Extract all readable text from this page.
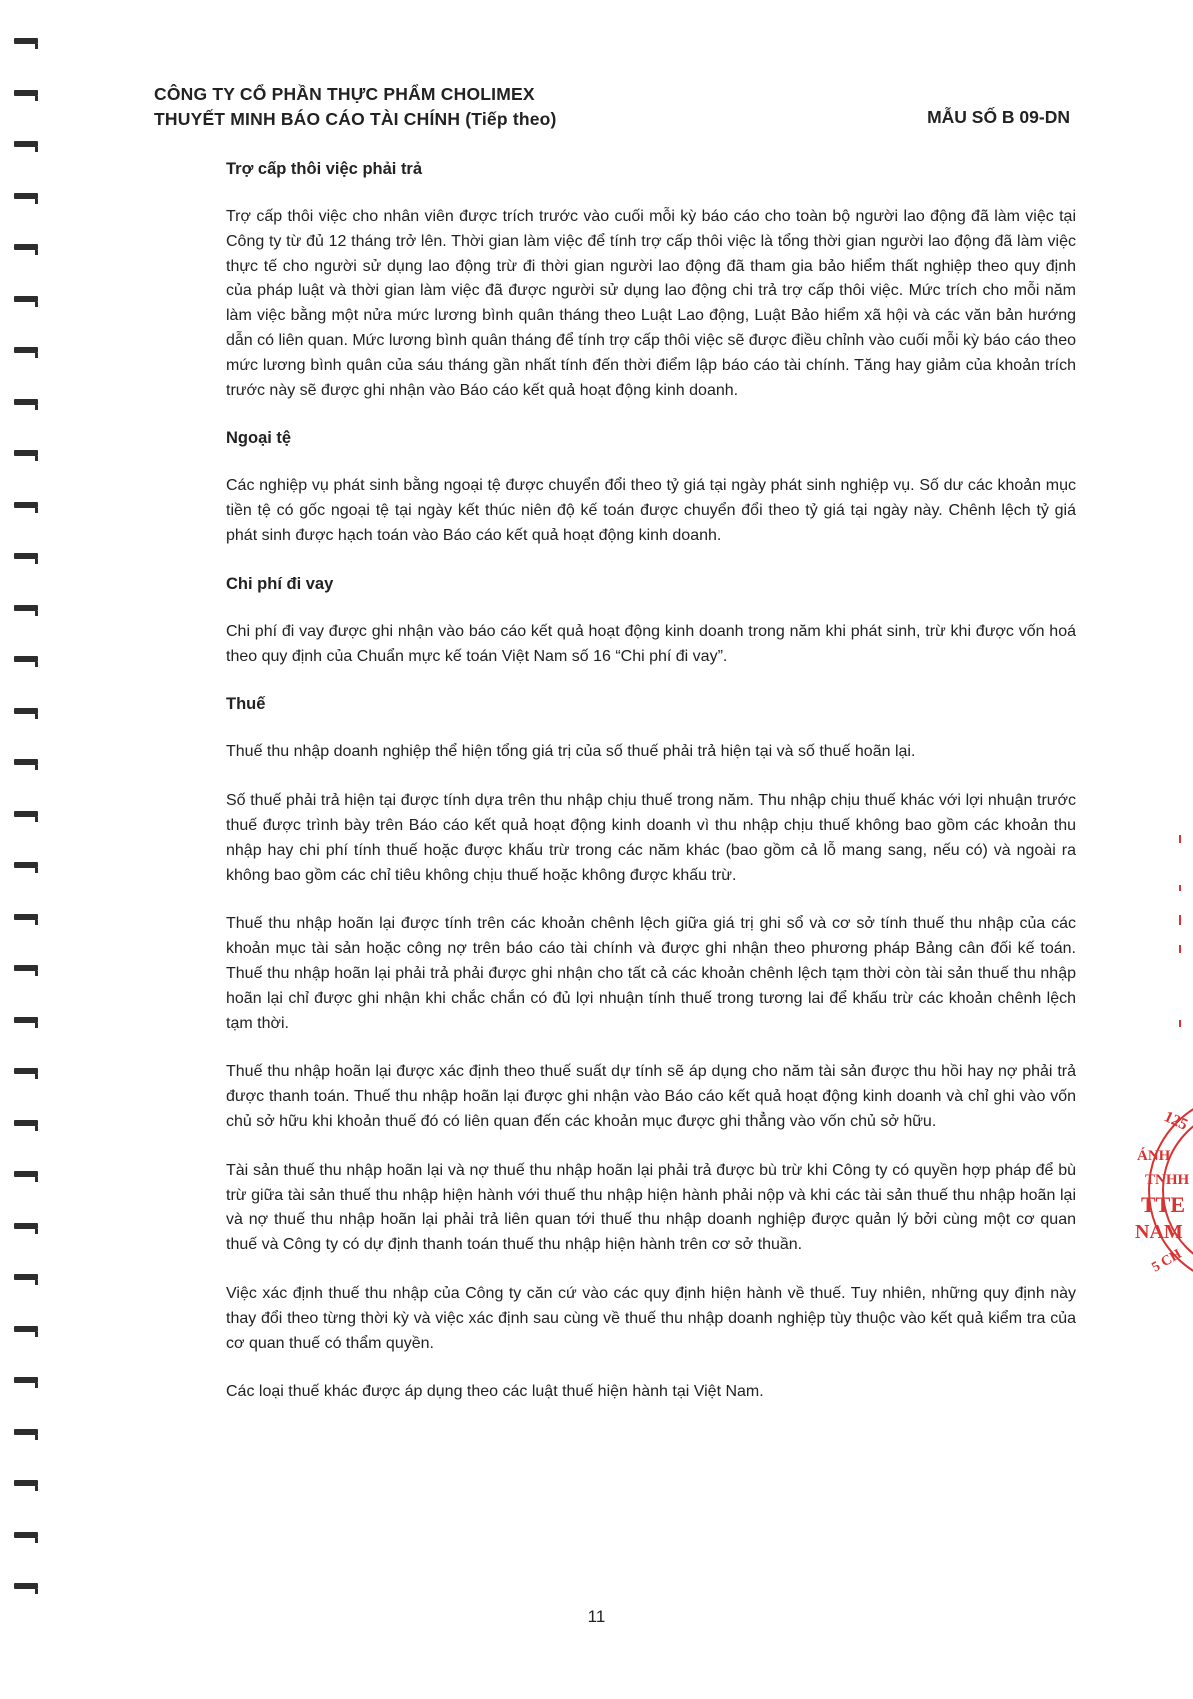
CÔNG TY CỔ PHẦN THỰC PHẨM CHOLIMEX
THUYẾT MINH BÁO CÁO TÀI CHÍNH (Tiếp theo)	MẪU SỐ B 09-DN
Trợ cấp thôi việc phải trả

Trợ cấp thôi việc cho nhân viên được trích trước vào cuối mỗi kỳ báo cáo cho toàn bộ người lao động đã làm việc tại Công ty từ đủ 12 tháng trở lên. Thời gian làm việc để tính trợ cấp thôi việc là tổng thời gian người lao động đã làm việc thực tế cho người sử dụng lao động trừ đi thời gian người lao động đã tham gia bảo hiểm thất nghiệp theo quy định của pháp luật và thời gian làm việc đã được người sử dụng lao động chi trả trợ cấp thôi việc. Mức trích cho mỗi năm làm việc bằng một nửa mức lương bình quân tháng theo Luật Lao động, Luật Bảo hiểm xã hội và các văn bản hướng dẫn có liên quan. Mức lương bình quân tháng để tính trợ cấp thôi việc sẽ được điều chỉnh vào cuối mỗi kỳ báo cáo theo mức lương bình quân của sáu tháng gần nhất tính đến thời điểm lập báo cáo tài chính. Tăng hay giảm của khoản trích trước này sẽ được ghi nhận vào Báo cáo kết quả hoạt động kinh doanh.

Ngoại tệ

Các nghiệp vụ phát sinh bằng ngoại tệ được chuyển đổi theo tỷ giá tại ngày phát sinh nghiệp vụ. Số dư các khoản mục tiền tệ có gốc ngoại tệ tại ngày kết thúc niên độ kế toán được chuyển đổi theo tỷ giá tại ngày này. Chênh lệch tỷ giá phát sinh được hạch toán vào Báo cáo kết quả hoạt động kinh doanh.

Chi phí đi vay

Chi phí đi vay được ghi nhận vào báo cáo kết quả hoạt động kinh doanh trong năm khi phát sinh, trừ khi được vốn hoá theo quy định của Chuẩn mực kế toán Việt Nam số 16 “Chi phí đi vay”.

Thuế

Thuế thu nhập doanh nghiệp thể hiện tổng giá trị của số thuế phải trả hiện tại và số thuế hoãn lại.

Số thuế phải trả hiện tại được tính dựa trên thu nhập chịu thuế trong năm. Thu nhập chịu thuế khác với lợi nhuận trước thuế được trình bày trên Báo cáo kết quả hoạt động kinh doanh vì thu nhập chịu thuế không bao gồm các khoản thu nhập hay chi phí tính thuế hoặc được khấu trừ trong các năm khác (bao gồm cả lỗ mang sang, nếu có) và ngoài ra không bao gồm các chỉ tiêu không chịu thuế hoặc không được khấu trừ.

Thuế thu nhập hoãn lại được tính trên các khoản chênh lệch giữa giá trị ghi sổ và cơ sở tính thuế thu nhập của các khoản mục tài sản hoặc công nợ trên báo cáo tài chính và được ghi nhận theo phương pháp Bảng cân đối kế toán. Thuế thu nhập hoãn lại phải trả phải được ghi nhận cho tất cả các khoản chênh lệch tạm thời còn tài sản thuế thu nhập hoãn lại chỉ được ghi nhận khi chắc chắn có đủ lợi nhuận tính thuế trong tương lai để khấu trừ các khoản chênh lệch tạm thời.

Thuế thu nhập hoãn lại được xác định theo thuế suất dự tính sẽ áp dụng cho năm tài sản được thu hồi hay nợ phải trả được thanh toán. Thuế thu nhập hoãn lại được ghi nhận vào Báo cáo kết quả hoạt động kinh doanh và chỉ ghi vào vốn chủ sở hữu khi khoản thuế đó có liên quan đến các khoản mục được ghi thẳng vào vốn chủ sở hữu.

Tài sản thuế thu nhập hoãn lại và nợ thuế thu nhập hoãn lại phải trả được bù trừ khi Công ty có quyền hợp pháp để bù trừ giữa tài sản thuế thu nhập hiện hành với thuế thu nhập hiện hành phải nộp và khi các tài sản thuế thu nhập hoãn lại và nợ thuế thu nhập hoãn lại phải trả liên quan tới thuế thu nhập doanh nghiệp được quản lý bởi cùng một cơ quan thuế và Công ty có dự định thanh toán thuế thu nhập hiện hành trên cơ sở thuần.

Việc xác định thuế thu nhập của Công ty căn cứ vào các quy định hiện hành về thuế. Tuy nhiên, những quy định này thay đổi theo từng thời kỳ và việc xác định sau cùng về thuế thu nhập doanh nghiệp tùy thuộc vào kết quả kiểm tra của cơ quan thuế có thẩm quyền.

Các loại thuế khác được áp dụng theo các luật thuế hiện hành tại Việt Nam.

11
125
ÁNH
TNHH
TTE
NAM
5 CH
